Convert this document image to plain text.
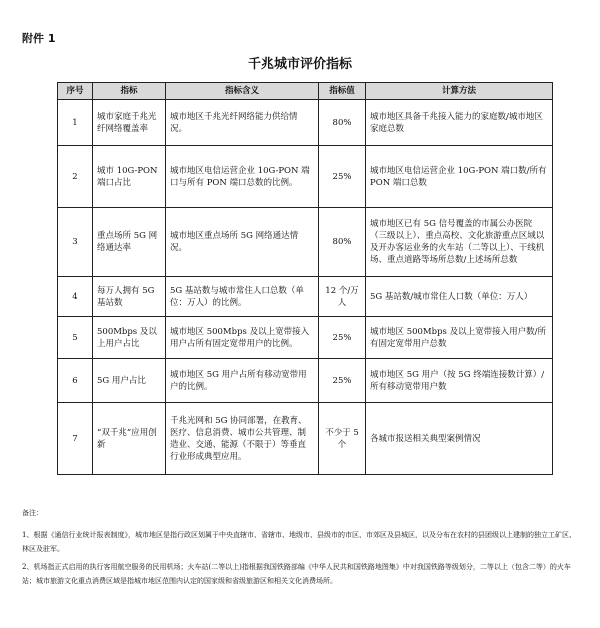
附件 1
千兆城市评价指标
序号	指标	指标含义	指标值	计算方法
1	城市家庭千兆光纤网络覆盖率	城市地区千兆光纤网络能力供给情况。	80%	城市地区具备千兆接入能力的家庭数/城市地区家庭总数
2	城市 10G-PON 端口占比	城市地区电信运营企业 10G-PON 端口与所有 PON 端口总数的比例。	25%	城市地区电信运营企业 10G-PON 端口数/所有 PON 端口总数
3	重点场所 5G 网络通达率	城市地区重点场所 5G 网络通达情况。	80%	城市地区已有 5G 信号覆盖的市属公办医院（三级以上）、重点高校、文化旅游重点区域以及开办客运业务的火车站（二等以上）、干线机场、重点道路等场所总数/上述场所总数
4	每万人拥有 5G 基站数	5G 基站数与城市常住人口总数（单位：万人）的比例。	12 个/万人	5G 基站数/城市常住人口数（单位：万人）
5	500Mbps 及以上用户占比	城市地区 500Mbps 及以上宽带接入用户占所有固定宽带用户的比例。	25%	城市地区 500Mbps 及以上宽带接入用户数/所有固定宽带用户总数
6	5G 用户占比	城市地区 5G 用户占所有移动宽带用户的比例。	25%	城市地区 5G 用户（按 5G 终端连接数计算）/所有移动宽带用户数
7	“双千兆”应用创新	千兆光网和 5G 协同部署，在教育、医疗、信息消费、城市公共管理、制造业、交通、能源（不限于）等垂直行业形成典型应用。	不少于 5 个	各城市报送相关典型案例情况
备注：
1、根据《通信行业统计报表制度》，城市地区是指行政区划属于中央直辖市、省辖市、地级市、县级市的市区、市郊区及县城区，以及分布在农村的县团级以上建制的独立工矿区、林区及驻军。
2、机场指正式启用的执行客用航空服务的民用机场；火车站(二等以上)指根据我国铁路部编《中华人民共和国铁路地图集》中对我国铁路等级划分，二等以上（包含二等）的火车站；城市旅游文化重点消费区域是指城市地区范围内认定的国家级和省级旅游区和相关文化消费场所。
